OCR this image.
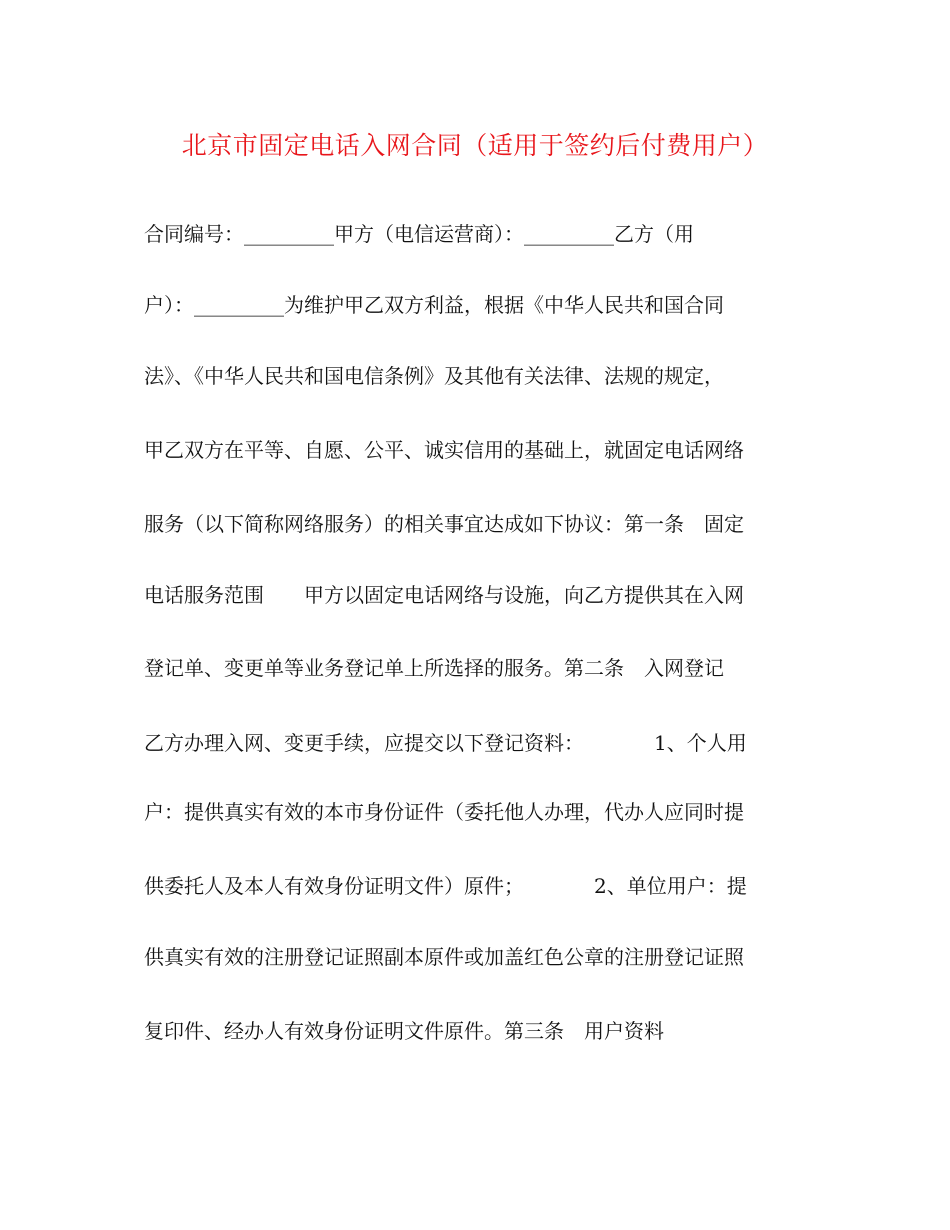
北京市固定电话入网合同（适用于签约后付费用户）
合同编号：_________甲方（电信运营商）：_________乙方（用
户）：_________为维护甲乙双方利益，根据《中华人民共和国合同
法》、《中华人民共和国电信条例》及其他有关法律、法规的规定，
甲乙双方在平等、自愿、公平、诚实信用的基础上，就固定电话网络
服务（以下简称网络服务）的相关事宜达成如下协议：第一条　固定
电话服务范围　　甲方以固定电话网络与设施，向乙方提供其在入网
登记单、变更单等业务登记单上所选择的服务。第二条　入网登记
乙方办理入网、变更手续，应提交以下登记资料：　　　　1、个人用
户：提供真实有效的本市身份证件（委托他人办理，代办人应同时提
供委托人及本人有效身份证明文件）原件；　　　　2、单位用户：提
供真实有效的注册登记证照副本原件或加盖红色公章的注册登记证照
复印件、经办人有效身份证明文件原件。第三条　用户资料
